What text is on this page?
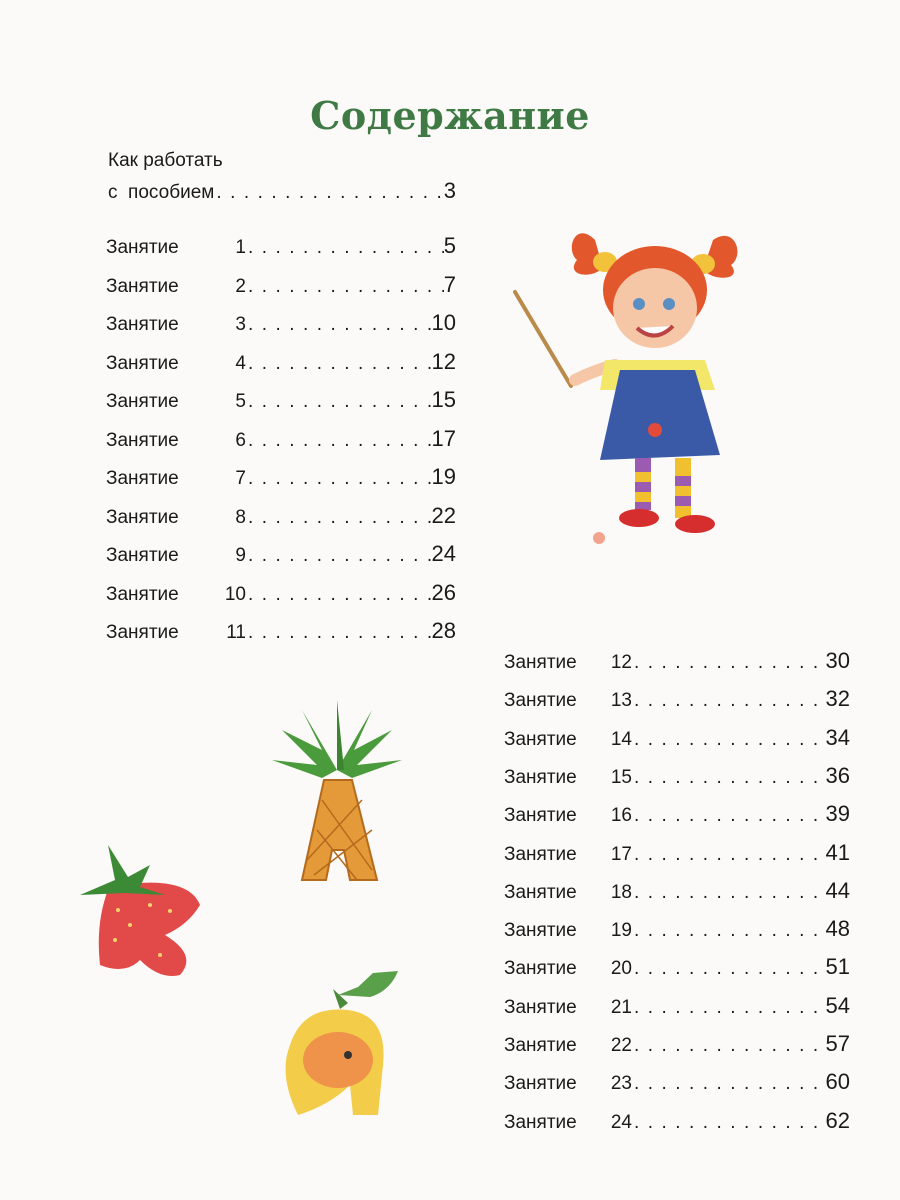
Содержание
Как работать
с  пособием . . .	3
Занятие	1 . . .	5
Занятие	2 . . .	7
Занятие	3 . . .	10
Занятие	4 . . .	12
Занятие	5 . . .	15
Занятие	6 . . .	17
Занятие	7 . . .	19
Занятие	8 . . .	22
Занятие	9 . . .	24
Занятие	10 . . .	26
Занятие	11 . . .	28
Занятие	12 . . .	30
Занятие	13 . . .	32
Занятие	14 . . .	34
Занятие	15 . . .	36
Занятие	16 . . .	39
Занятие	17 . . .	41
Занятие	18 . . .	44
Занятие	19 . . .	48
Занятие	20 . . .	51
Занятие	21 . . .	54
Занятие	22 . . .	57
Занятие	23 . . .	60
Занятие	24 . . .	62
